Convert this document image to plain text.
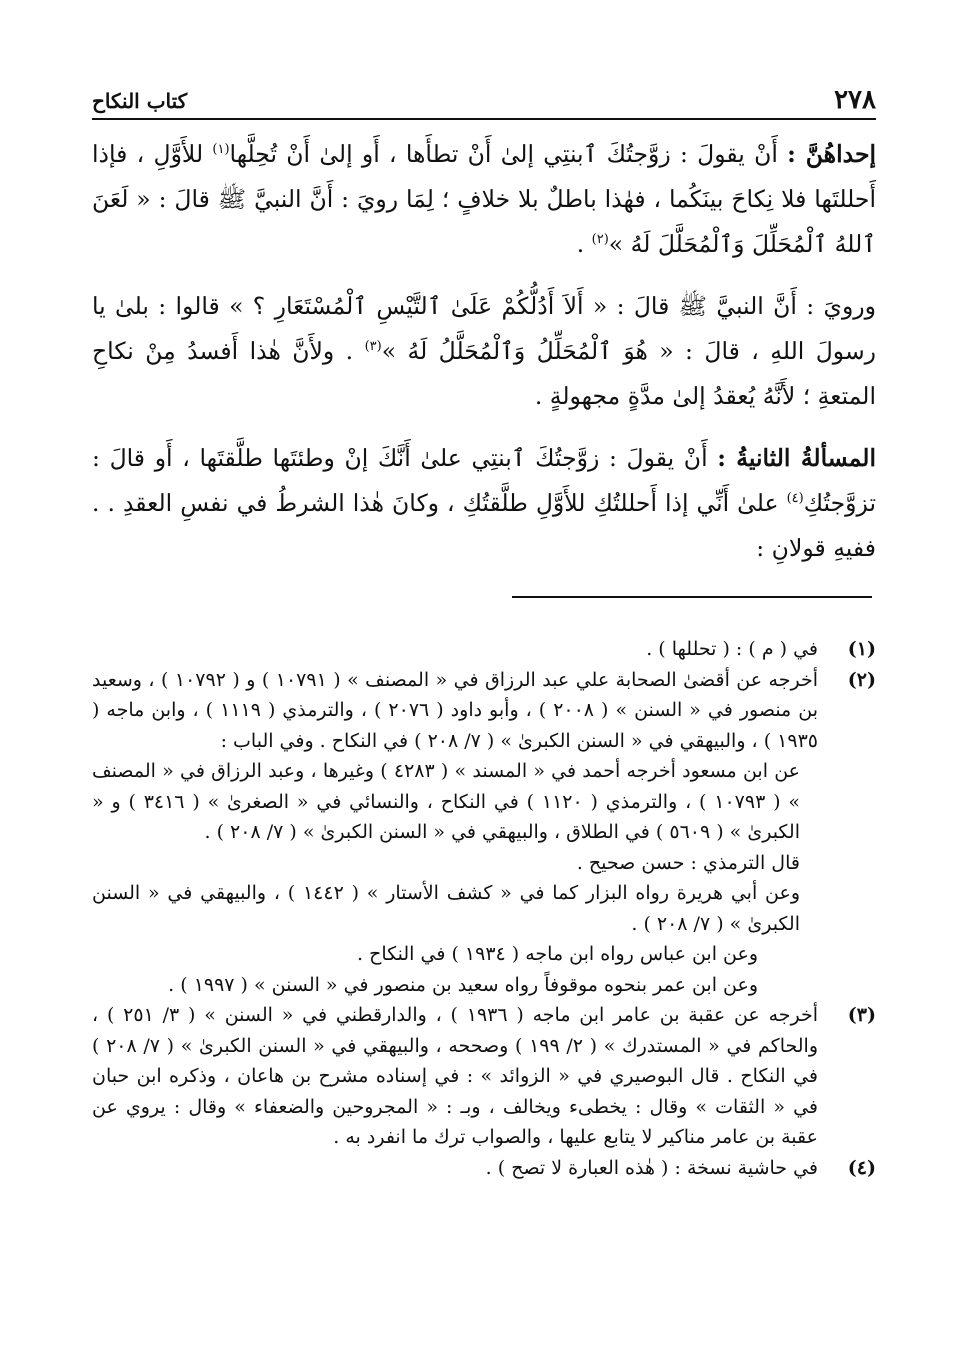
٢٧٨
كتاب النكاح

إحداهُنَّ : أَنْ يقولَ : زوَّجتُكَ ٱبنتِي إلىٰ أَنْ تطأَها ، أَو إلىٰ أَنْ تُحِلَّها$^{(١)}$ للأَوَّلِ ، فإذا أَحللتَها فلا نِكاحَ بينَكُما ، فهٰذا باطلٌ بلا خلافٍ ؛ لِمَا رويَ : أَنَّ النبيَّ ﷺ قالَ : « لَعَنَ ٱللهُ ٱلْمُحَلِّلَ وَٱلْمُحَلَّلَ لَهُ »$^{(٢)}$ .

ورويَ : أَنَّ النبيَّ ﷺ قالَ : « أَلاَ أَدُلُّكُمْ عَلَىٰ ٱلتَّيْسِ ٱلْمُسْتَعَارِ ؟ » قالوا : بلىٰ يا رسولَ اللهِ ، قالَ : « هُوَ ٱلْمُحَلِّلُ وَٱلْمُحَلَّلُ لَهُ »$^{(٣)}$ . ولأَنَّ هٰذا أَفسدُ مِنْ نكاحِ المتعةِ ؛ لأَنَّهُ يُعقدُ إلىٰ مدَّةٍ مجهولةٍ .

المسألةُ الثانيةُ : أَنْ يقولَ : زوَّجتُكَ ٱبنتِي علىٰ أَنَّكَ إنْ وطئتَها طلَّقتَها ، أَو قالَ : تزوَّجتُكِ$^{(٤)}$ علىٰ أَنِّي إذا أَحللتُكِ للأَوَّلِ طلَّقتُكِ ، وكانَ هٰذا الشرطُ في نفسِ العقدِ . . ففيهِ قولانِ :

(١)

في ( م ) : ( تحللها ) .

(٢)

أخرجه عن أقضىٰ الصحابة علي عبد الرزاق في « المصنف » ( ١٠٧٩١ ) و ( ١٠٧٩٢ ) ، وسعيد بن منصور في « السنن » ( ٢٠٠٨ ) ، وأبو داود ( ٢٠٧٦ ) ، والترمذي ( ١١١٩ ) ، وابن ماجه ( ١٩٣٥ ) ، والبيهقي في « السنن الكبرىٰ » ( ٧/ ٢٠٨ ) في النكاح . وفي الباب :

عن ابن مسعود أخرجه أحمد في « المسند » ( ٤٢٨٣ ) وغيرها ، وعبد الرزاق في « المصنف » ( ١٠٧٩٣ ) ، والترمذي ( ١١٢٠ ) في النكاح ، والنسائي في « الصغرىٰ » ( ٣٤١٦ ) و « الكبرىٰ » ( ٥٦٠٩ ) في الطلاق ، والبيهقي في « السنن الكبرىٰ » ( ٧/ ٢٠٨ ) .

قال الترمذي : حسن صحيح .

وعن أبي هريرة رواه البزار كما في « كشف الأستار » ( ١٤٤٢ ) ، والبيهقي في « السنن الكبرىٰ » ( ٧/ ٢٠٨ ) .

وعن ابن عباس رواه ابن ماجه ( ١٩٣٤ ) في النكاح .

وعن ابن عمر بنحوه موقوفاً رواه سعيد بن منصور في « السنن » ( ١٩٩٧ ) .

(٣)

أخرجه عن عقبة بن عامر ابن ماجه ( ١٩٣٦ ) ، والدارقطني في « السنن » ( ٣/ ٢٥١ ) ، والحاكم في « المستدرك » ( ٢/ ١٩٩ ) وصححه ، والبيهقي في « السنن الكبرىٰ » ( ٧/ ٢٠٨ ) في النكاح . قال البوصيري في « الزوائد » : في إسناده مشرح بن هاعان ، وذكره ابن حبان في « الثقات » وقال : يخطىء ويخالف ، وبـ : « المجروحين والضعفاء » وقال : يروي عن عقبة بن عامر مناكير لا يتابع عليها ، والصواب ترك ما انفرد به .

(٤)

في حاشية نسخة : ( هٰذه العبارة لا تصح ) .
